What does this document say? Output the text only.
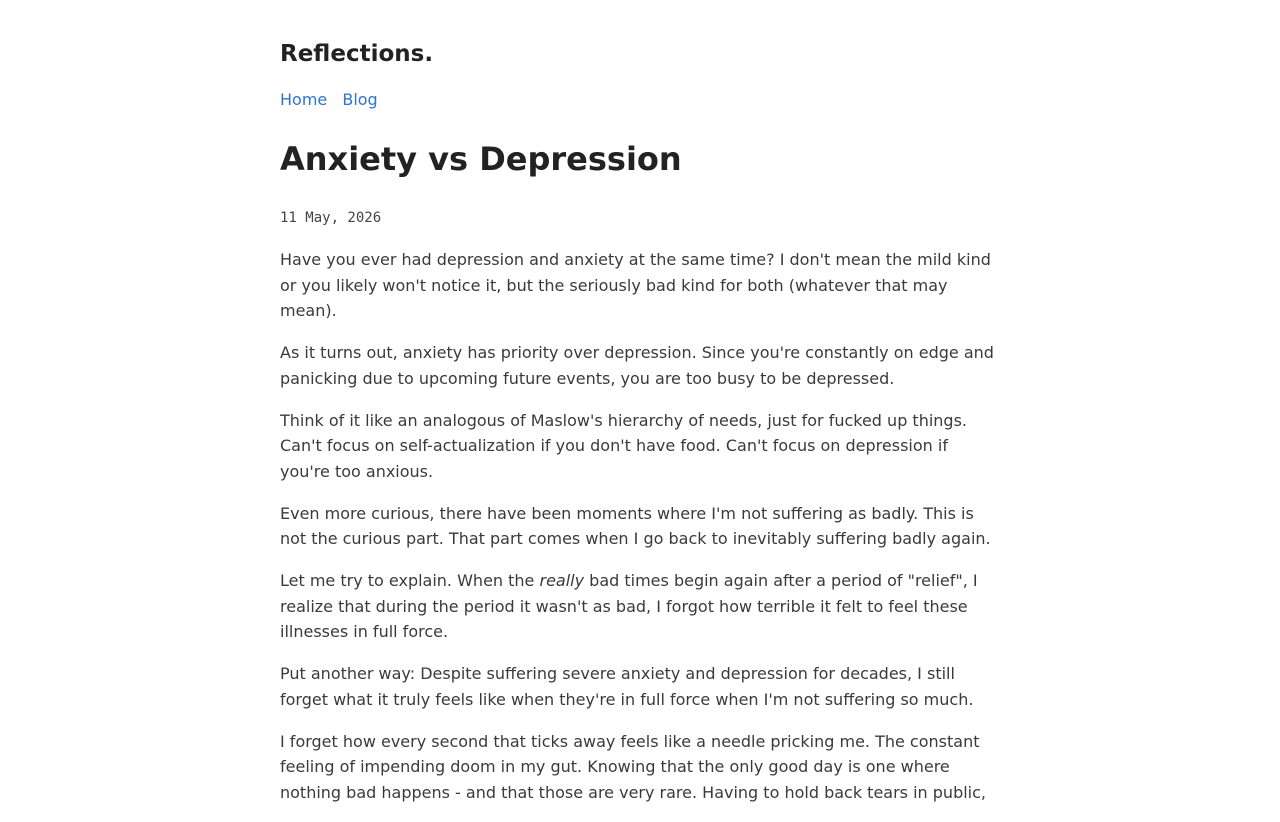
Reflections.
Home Blog
Anxiety vs Depression
11 May, 2026

Have you ever had depression and anxiety at the same time? I don't mean the mild kind or you likely won't notice it, but the seriously bad kind for both (whatever that may mean).

As it turns out, anxiety has priority over depression. Since you're constantly on edge and panicking due to upcoming future events, you are too busy to be depressed.

Think of it like an analogous of Maslow's hierarchy of needs, just for fucked up things. Can't focus on self-actualization if you don't have food. Can't focus on depression if you're too anxious.

Even more curious, there have been moments where I'm not suffering as badly. This is not the curious part. That part comes when I go back to inevitably suffering badly again.

Let me try to explain. When the really bad times begin again after a period of "relief", I realize that during the period it wasn't as bad, I forgot how terrible it felt to feel these illnesses in full force.

Put another way: Despite suffering severe anxiety and depression for decades, I still forget what it truly feels like when they're in full force when I'm not suffering so much.

I forget how every second that ticks away feels like a needle pricking me. The constant feeling of impending doom in my gut. Knowing that the only good day is one where nothing bad happens - and that those are very rare. Having to hold back tears in public,
